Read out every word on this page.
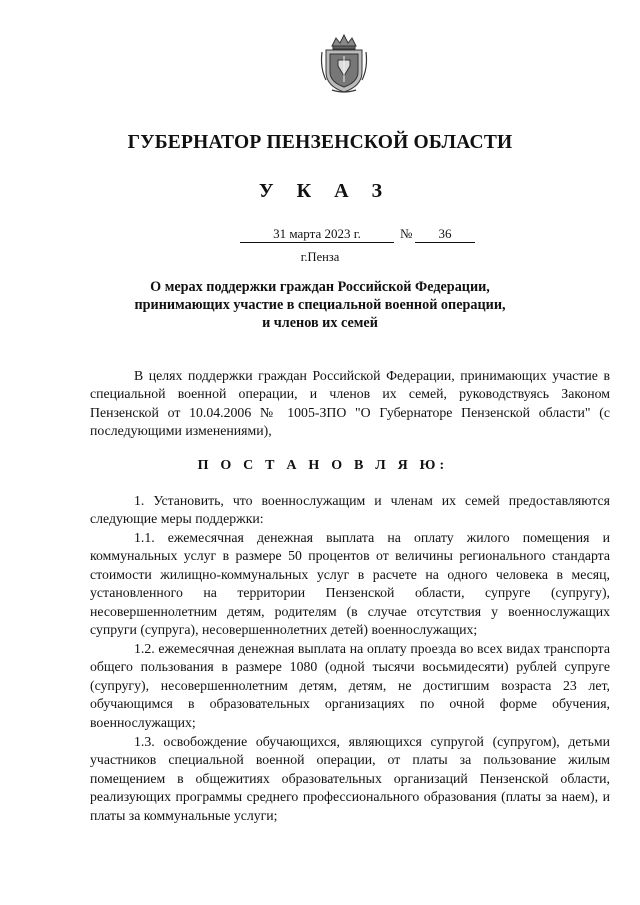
ГУБЕРНАТОР ПЕНЗЕНСКОЙ ОБЛАСТИ
У К А З
31 марта 2023 г.	№	36
г.Пенза
О мерах поддержки граждан Российской Федерации,
принимающих участие в специальной военной операции,
и членов их семей
В целях поддержки граждан Российской Федерации, принимающих участие в специальной военной операции, и членов их семей, руководствуясь Законом Пензенской от 10.04.2006 № 1005-ЗПО "О Губернаторе Пензенской области" (с последующими изменениями),
П О С Т А Н О В Л Я Ю:
1. Установить, что военнослужащим и членам их семей предоставляются следующие меры поддержки:
1.1. ежемесячная денежная выплата на оплату жилого помещения и коммунальных услуг в размере 50 процентов от величины регионального стандарта стоимости жилищно-коммунальных услуг в расчете на одного человека в месяц, установленного на территории Пензенской области, супруге (супругу), несовершеннолетним детям, родителям (в случае отсутствия у военнослужащих супруги (супруга), несовершеннолетних детей) военнослужащих;
1.2. ежемесячная денежная выплата на оплату проезда во всех видах транспорта общего пользования в размере 1080 (одной тысячи восьмидесяти) рублей супруге (супругу), несовершеннолетним детям, детям, не достигшим возраста 23 лет, обучающимся в образовательных организациях по очной форме обучения, военнослужащих;
1.3. освобождение обучающихся, являющихся супругой (супругом), детьми участников специальной военной операции, от платы за пользование жилым помещением в общежитиях образовательных организаций Пензенской области, реализующих программы среднего профессионального образования (платы за наем), и платы за коммунальные услуги;
